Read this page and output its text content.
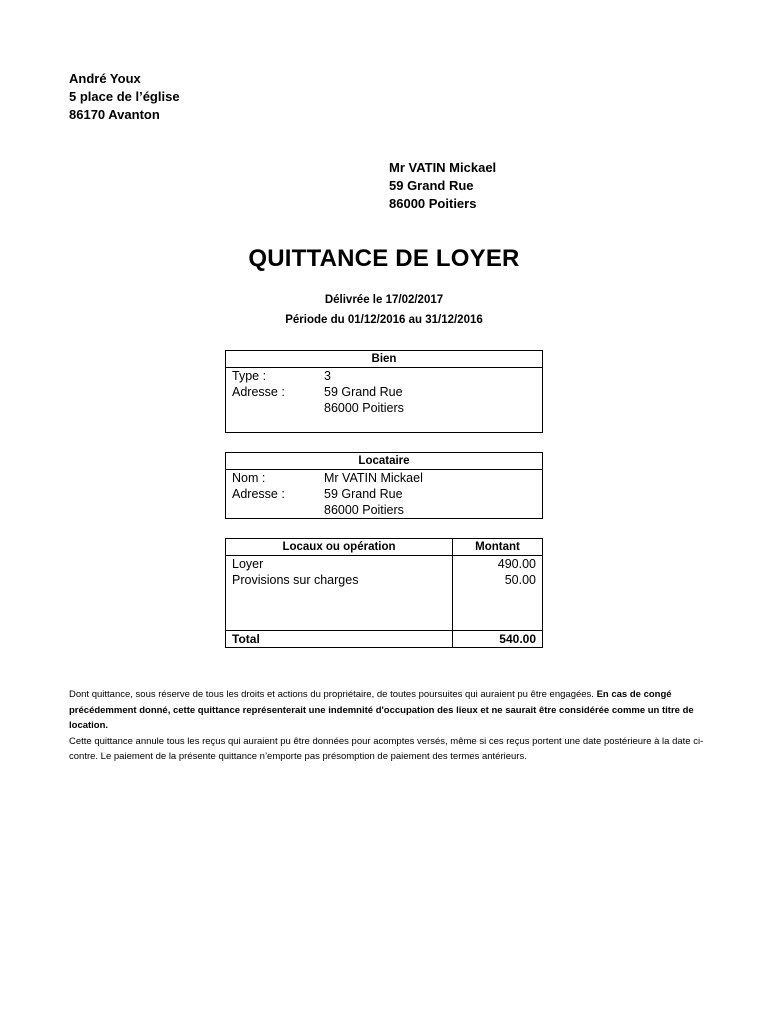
André Youx
5 place de l’église
86170 Avanton
Mr VATIN Mickael
59 Grand Rue
86000 Poitiers
QUITTANCE DE LOYER
Délivrée le 17/02/2017
Période du 01/12/2016 au 31/12/2016
Bien	
Type :	3
Adresse :	59 Grand Rue
	86000 Poitiers

Locataire	
Nom :	Mr VATIN Mickael
Adresse :	59 Grand Rue
	86000 Poitiers
Locaux ou opération	Montant
Loyer	490.00
Provisions sur charges	50.00

Total	540.00
Dont quittance, sous réserve de tous les droits et actions du propriétaire, de toutes poursuites qui auraient pu être engagées. En cas de congé précédemment donné, cette quittance représenterait une indemnité d'occupation des lieux et ne saurait être considérée comme un titre de location.
Cette quittance annule tous les reçus qui auraient pu être données pour acomptes versés, même si ces reçus portent une date postérieure à la date ci-contre. Le paiement de la présente quittance n’emporte pas présomption de paiement des termes antérieurs.
